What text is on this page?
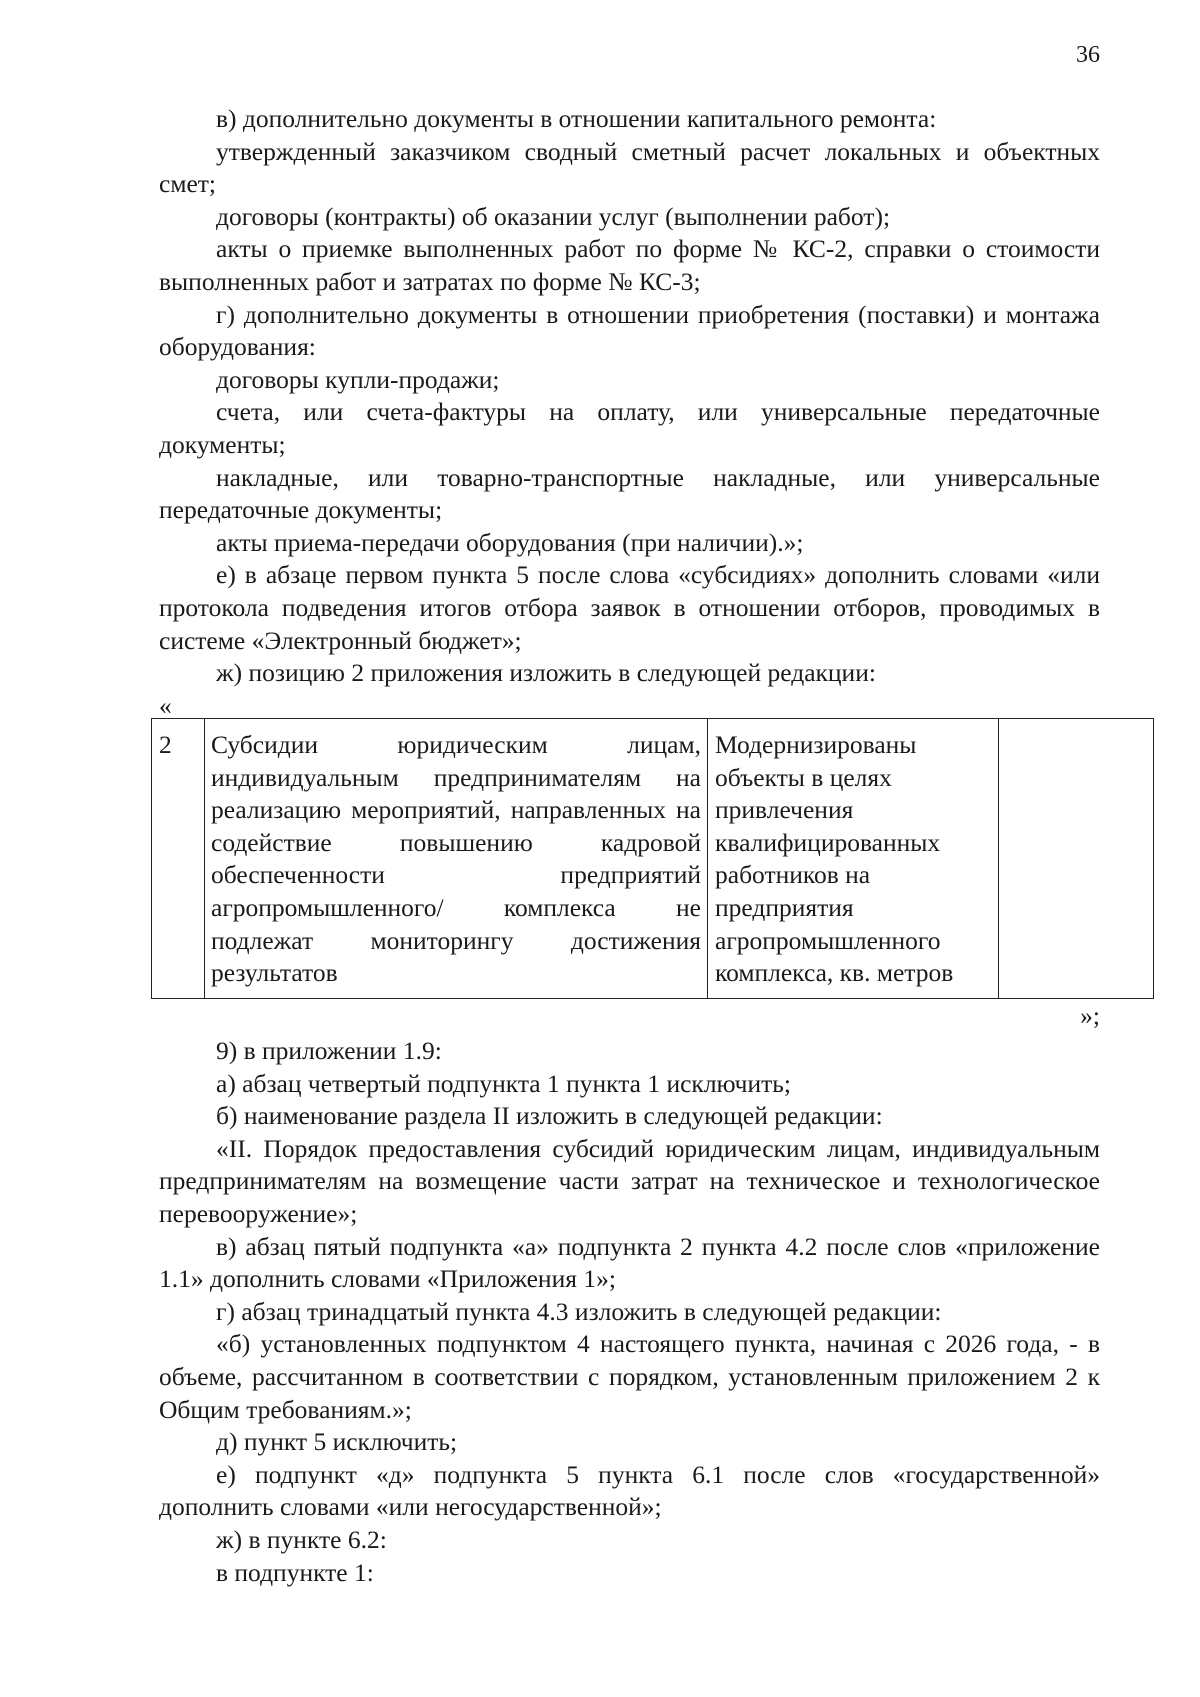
36

в) дополнительно документы в отношении капитального ремонта:

утвержденный заказчиком сводный сметный расчет локальных и объектных смет;

договоры (контракты) об оказании услуг (выполнении работ);

акты о приемке выполненных работ по форме № КС-2, справки о стоимости выполненных работ и затратах по форме № КС-3;

г) дополнительно документы в отношении приобретения (поставки) и монтажа оборудования:

договоры купли-продажи;

счета, или счета-фактуры на оплату, или универсальные передаточные документы;

накладные, или товарно-транспортные накладные, или универсальные передаточные документы;

акты приема-передачи оборудования (при наличии).»;

е) в абзаце первом пункта 5 после слова «субсидиях» дополнить словами «или протокола подведения итогов отбора заявок в отношении отборов, проводимых в системе «Электронный бюджет»;

ж) позицию 2 приложения изложить в следующей редакции:

«
2	Субсидии юридическим лицам, индивидуальным предпринимателям на реализацию мероприятий, направленных на содействие повышению кадровой обеспеченности предприятий агропромышленного/ комплекса не подлежат мониторингу достижения результатов	Модернизированы объекты в целях привлечения квалифицированных работников на предприятия агропромышленного комплекса, кв. метров	
»;

9) в приложении 1.9:

а) абзац четвертый подпункта 1 пункта 1 исключить;

б) наименование раздела II изложить в следующей редакции:

«II. Порядок предоставления субсидий юридическим лицам, индивидуальным предпринимателям на возмещение части затрат на техническое и технологическое перевооружение»;

в) абзац пятый подпункта «а» подпункта 2 пункта 4.2 после слов «приложение 1.1» дополнить словами «Приложения 1»;

г) абзац тринадцатый пункта 4.3 изложить в следующей редакции:

«б) установленных подпунктом 4 настоящего пункта, начиная с 2026 года, - в объеме, рассчитанном в соответствии с порядком, установленным приложением 2 к Общим требованиям.»;

д) пункт 5 исключить;

е) подпункт «д» подпункта 5 пункта 6.1 после слов «государственной» дополнить словами «или негосударственной»;

ж) в пункте 6.2:

в подпункте 1:
